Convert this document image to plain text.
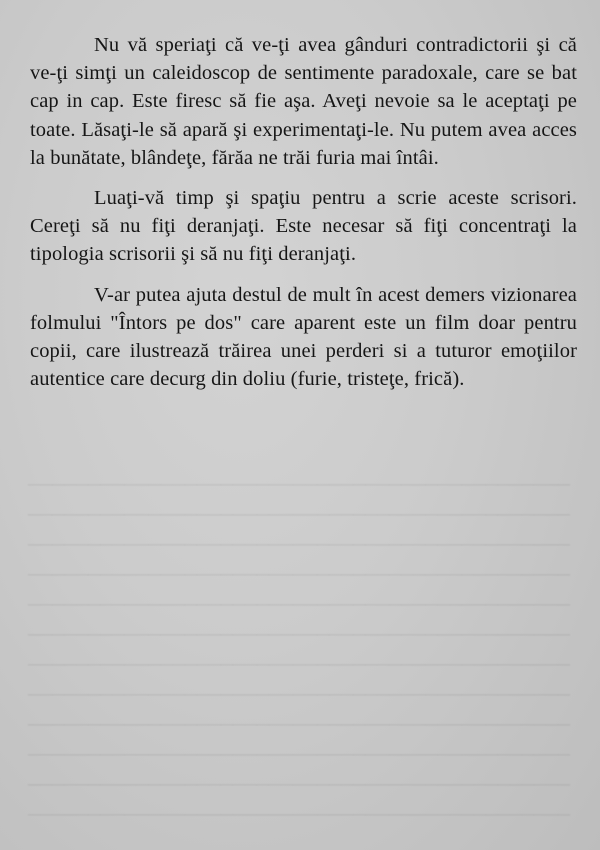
─────────────────────────────────────────────
─────────────────────────────────────────────
─────────────────────────────────────────────
─────────────────────────────────────────────
─────────────────────────────────────────────
─────────────────────────────────────────────
─────────────────────────────────────────────
─────────────────────────────────────────────
─────────────────────────────────────────────
─────────────────────────────────────────────
─────────────────────────────────────────────
─────────────────────────────────────────────

Nu vă speriaţi că ve-ţi avea gânduri contradictorii şi că ve-ţi simţi un caleidoscop de sentimente paradoxale, care se bat cap in cap. Este firesc să fie aşa. Aveţi nevoie sa le aceptaţi pe toate. Lăsaţi-le să apară şi experimentaţi-le. Nu putem avea acces la bunătate, blândeţe, fărăa ne trăi furia mai întâi.

Luaţi-vă timp şi spaţiu pentru a scrie aceste scrisori. Cereţi să nu fiţi deranjaţi. Este necesar să fiţi concentraţi la tipologia scrisorii şi să nu fiţi deranjaţi.

V-ar putea ajuta destul de mult în acest demers vizionarea folmului "Întors pe dos" care aparent este un film doar pentru copii, care ilustrează trăirea unei perderi si a tuturor emoţiilor autentice care decurg din doliu (furie, tristeţe, frică).
